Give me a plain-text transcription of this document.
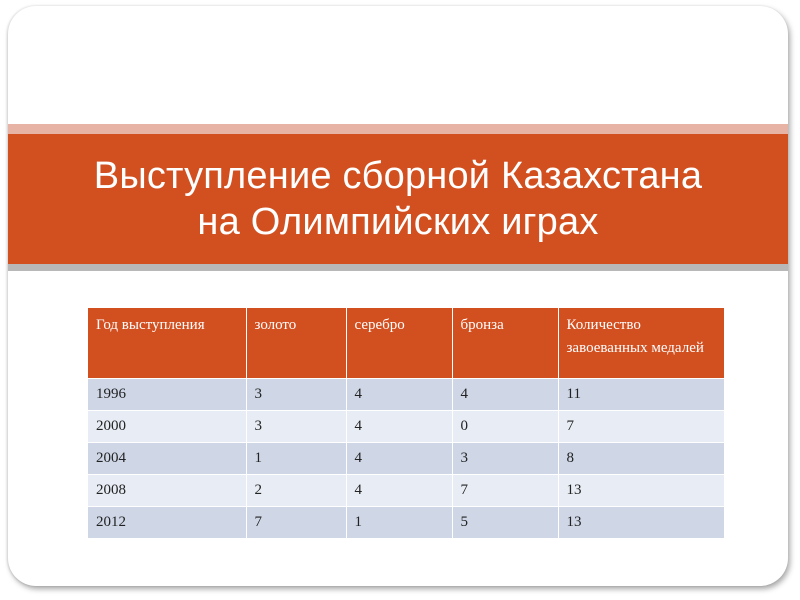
Выступление сборной Казахстана
на Олимпийских играх
Год выступления	золото	серебро	бронза	Количество завоеванных медалей
1996	3	4	4	11
2000	3	4	0	7
2004	1	4	3	8
2008	2	4	7	13
2012	7	1	5	13
